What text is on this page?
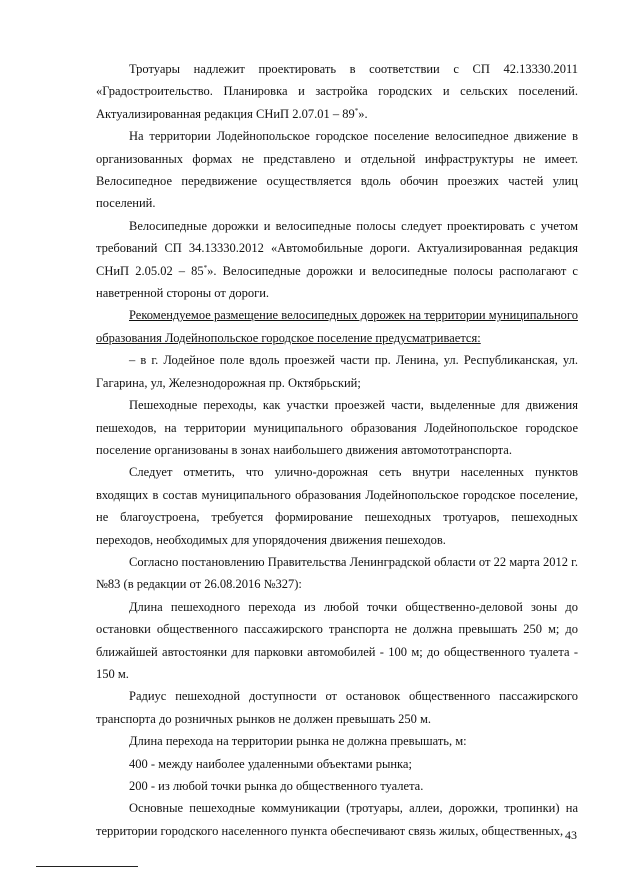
Тротуары надлежит проектировать в соответствии с СП 42.13330.2011 «Градостроительство. Планировка и застройка городских и сельских поселений. Актуализированная редакция СНиП 2.07.01 – 89*».

На территории Лодейнопольское городское поселение велосипедное движение в организованных формах не представлено и отдельной инфраструктуры не имеет. Велосипедное передвижение осуществляется вдоль обочин проезжих частей улиц поселений.

Велосипедные дорожки и велосипедные полосы следует проектировать с учетом требований СП 34.13330.2012 «Автомобильные дороги. Актуализированная редакция СНиП 2.05.02 – 85*». Велосипедные дорожки и велосипедные полосы располагают с наветренной стороны от дороги.

Рекомендуемое размещение велосипедных дорожек на территории муниципального образования Лодейнопольское городское поселение предусматривается:

– в г. Лодейное поле вдоль проезжей части пр. Ленина, ул. Республиканская, ул. Гагарина, ул, Железнодорожная пр. Октябрьский;

Пешеходные переходы, как участки проезжей части, выделенные для движения пешеходов, на территории муниципального образования Лодейнопольское городское поселение организованы в зонах наибольшего движения автомототранспорта.

Следует отметить, что улично-дорожная сеть внутри населенных пунктов входящих в состав муниципального образования Лодейнопольское городское поселение, не благоустроена, требуется формирование пешеходных тротуаров, пешеходных переходов, необходимых для упорядочения движения пешеходов.

Согласно постановлению Правительства Ленинградской области от 22 марта 2012 г. №83 (в редакции от 26.08.2016 №327):

Длина пешеходного перехода из любой точки общественно-деловой зоны до остановки общественного пассажирского транспорта не должна превышать 250 м; до ближайшей автостоянки для парковки автомобилей - 100 м; до общественного туалета - 150 м.

Радиус пешеходной доступности от остановок общественного пассажирского транспорта до розничных рынков не должен превышать 250 м.

Длина перехода на территории рынка не должна превышать, м:

400 - между наиболее удаленными объектами рынка;

200 - из любой точки рынка до общественного туалета.

Основные пешеходные коммуникации (тротуары, аллеи, дорожки, тропинки) на территории городского населенного пункта обеспечивают связь жилых, общественных, 43
